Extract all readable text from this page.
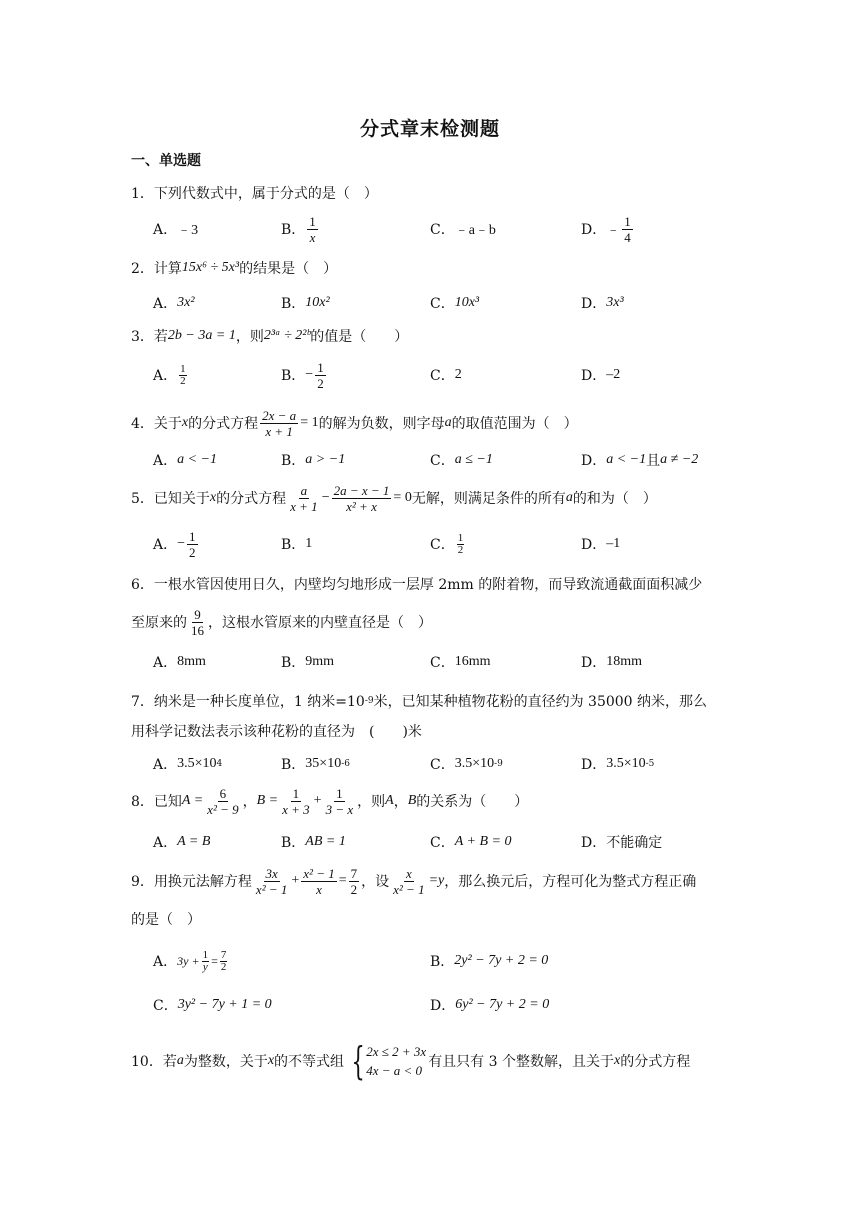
分式章末检测题
一、单选题
1．下列代数式中，属于分式的是（　）
A． ﹣3	B． $\frac{1}{x}$	C． ﹣a﹣b	D． ﹣ $\frac{1}{4}$
2．计算 15x⁶ ÷ 5x³ 的结果是（　）
A． 3x²	B． 10x²	C． 10x³	D． 3x³
3．若 2b − 3a = 1 ，则 2³ᵃ ÷ 2²ᵇ 的值是（　　）
A． $\frac{1}{2}$	B． − $\frac{1}{2}$	C． 2	D． –2
4．关于 x 的分式方程 $\frac{2x - a}{x + 1} = 1$ 的解为负数，则字母 a 的取值范围为（　）
A． a < −1	B． a > −1	C． a ≤ −1	D． a < −1 且 a ≠ −2
5．已知关于 x 的分式方程 $\frac{a}{x + 1} - \frac{2a - x - 1}{\text{x² + x}} = 0$ 无解，则满足条件的所有 a 的和为（　）
A． − $\frac{1}{2}$	B． 1	C． $\frac{1}{2}$	D． –1
6．一根水管因使用日久，内壁均匀地形成一层厚 2mm 的附着物，而导致流通截面面积减少
至原来的 $\frac{9}{16}$ ，这根水管原来的内壁直径是（　）
A． 8mm	B． 9mm	C． 16mm	D． 18mm
7．纳米是一种长度单位，1 纳米=10 -9 米，已知某种植物花粉的直径约为 35000 纳米，那么
用科学记数法表示该种花粉的直径为　(　　)米
A． 3.5×10 4	B． 35×10 -6	C． 3.5×10 -9	D． 3.5×10 -5
8．已知 $A = \frac{6}{\text{x² − 9}}$ ， $B = \frac{1}{x + 3} + \frac{1}{3 - x}$ ，则 A ， B 的关系为（　　）
A． A = B	B． AB = 1	C． A + B = 0	D． 不能确定
9．用换元法解方程 $\frac{3x}{\text{x² − 1}} + \frac{\text{x² − 1}}{x} = \frac{7}{2}$ ，设 $\frac{x}{\text{x² − 1}} =y$ ，那么换元后，方程可化为整式方程正确
的是（　）
A． $3y + \frac{1}{y} = \frac{7}{2}$	B． 2y² − 7y + 2 = 0
C． 3y² − 7y + 1 = 0	D． 6y² − 7y + 2 = 0
10．若 a 为整数，关于 x 的不等式组 { 2x ≤ 2 + 3x
4x − a < 0
有且只有 3 个整数解，且关于 x 的分式方程
